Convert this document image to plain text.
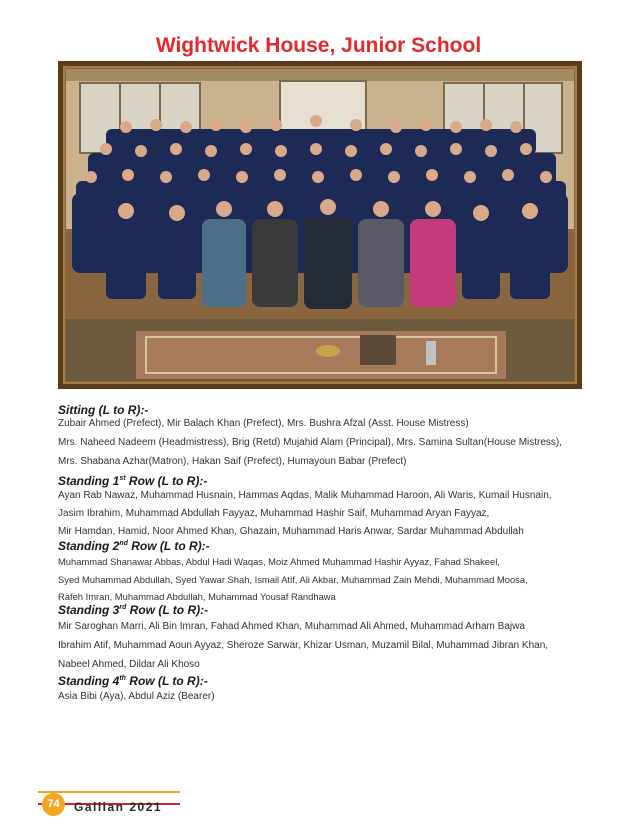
Wightwick House, Junior School
Sitting (L to R):-
Zubair Ahmed (Prefect), Mir Balach Khan (Prefect), Mrs. Bushra Afzal (Asst. House Mistress)
Mrs. Naheed Nadeem (Headmistress), Brig (Retd) Mujahid Alam (Principal), Mrs. Samina Sultan(House Mistress),
Mrs. Shabana Azhar(Matron), Hakan Saif (Prefect), Humayoun Babar (Prefect)
Standing 1st Row (L to R):-
Ayan Rab Nawaz, Muhammad Husnain, Hammas Aqdas, Malik Muhammad Haroon, Ali Waris, Kumail Husnain,
Jasim Ibrahim, Muhammad Abdullah Fayyaz, Muhammad Hashir Saif, Muhammad Aryan Fayyaz,
Mir Hamdan, Hamid, Noor Ahmed Khan, Ghazain, Muhammad Haris Anwar, Sardar Muhammad Abdullah
Standing 2nd Row (L to R):-
Muhammad Shanawar Abbas, Abdul Hadi Waqas, Moiz Ahmed Muhammad Hashir Ayyaz, Fahad Shakeel,
Syed Muhammad Abdullah, Syed Yawar Shah, Ismail Atif, Ali Akbar, Muhammad Zain Mehdi, Muhammad Moosa,
Rafeh Imran, Muhammad Abdullah, Muhammad Yousaf Randhawa
Standing 3rd Row (L to R):-
Mir Saroghan Marri, Ali Bin Imran, Fahad Ahmed Khan, Muhammad Ali Ahmed, Muhammad Arham Bajwa
Ibrahim Atif, Muhammad Aoun Ayyaz, Sheroze Sarwar, Khizar Usman, Muzamil Bilal, Muhammad Jibran Khan,
Nabeel Ahmed, Dildar Ali Khoso
Standing 4th Row (L to R):-
Asia Bibi (Aya), Abdul Aziz (Bearer)
74	Gallian 2021
